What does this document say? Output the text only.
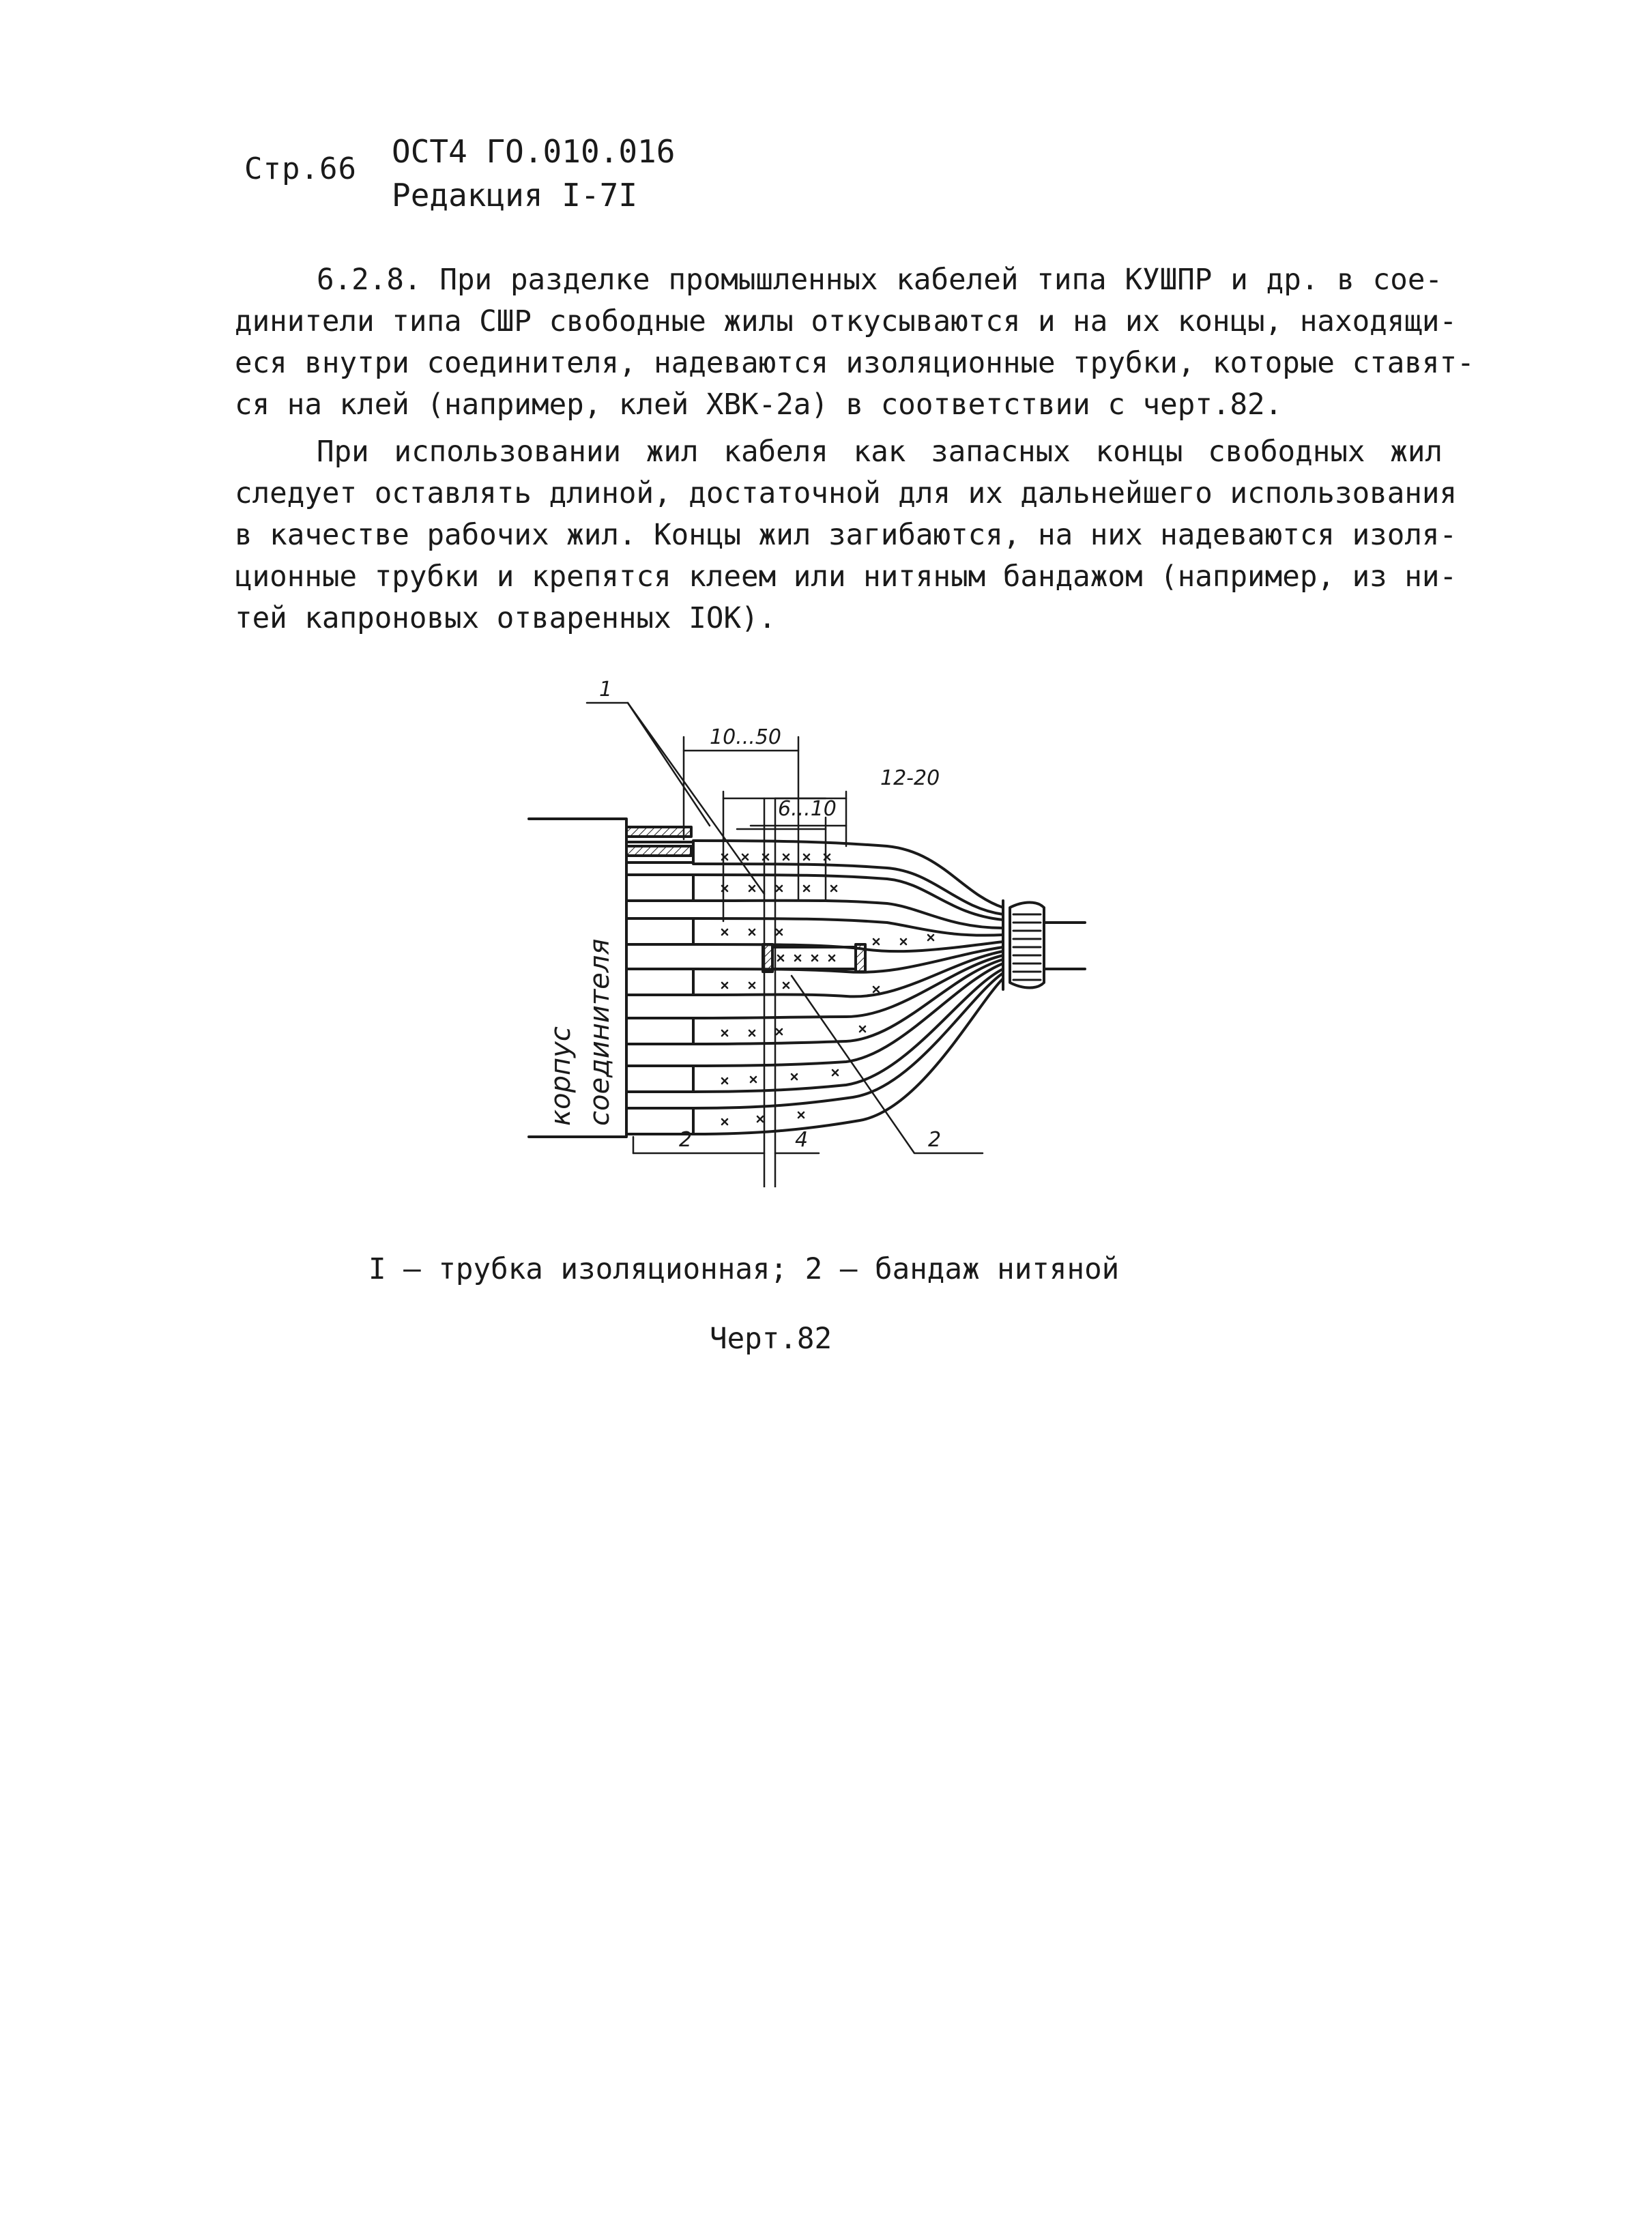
Стр.66 ОСТ4 ГО.010.016
Редакция I-7I
6.2.8. При разделке промышленных кабелей типа КУШПР и др. в сое-
динители типа СШР свободные жилы откусываются и на их концы, находящи-
еся внутри соединителя, надеваются изоляционные трубки, которые ставят-
ся на клей (например, клей ХВК-2а) в соответствии с черт.82.
При использовании жил кабеля как запасных концы свободных жил
следует оставлять длиной, достаточной для их дальнейшего использования
в качестве рабочих жил. Концы жил загибаются, на них надеваются изоля-
ционные трубки и крепятся клеем или нитяным бандажом (например, из ни-
тей капроновых отваренных IOK).
корпус соединителя
1
2
10...50
12-20
6...10
2	4
I – трубка изоляционная; 2 – бандаж нитяной
Черт.82
